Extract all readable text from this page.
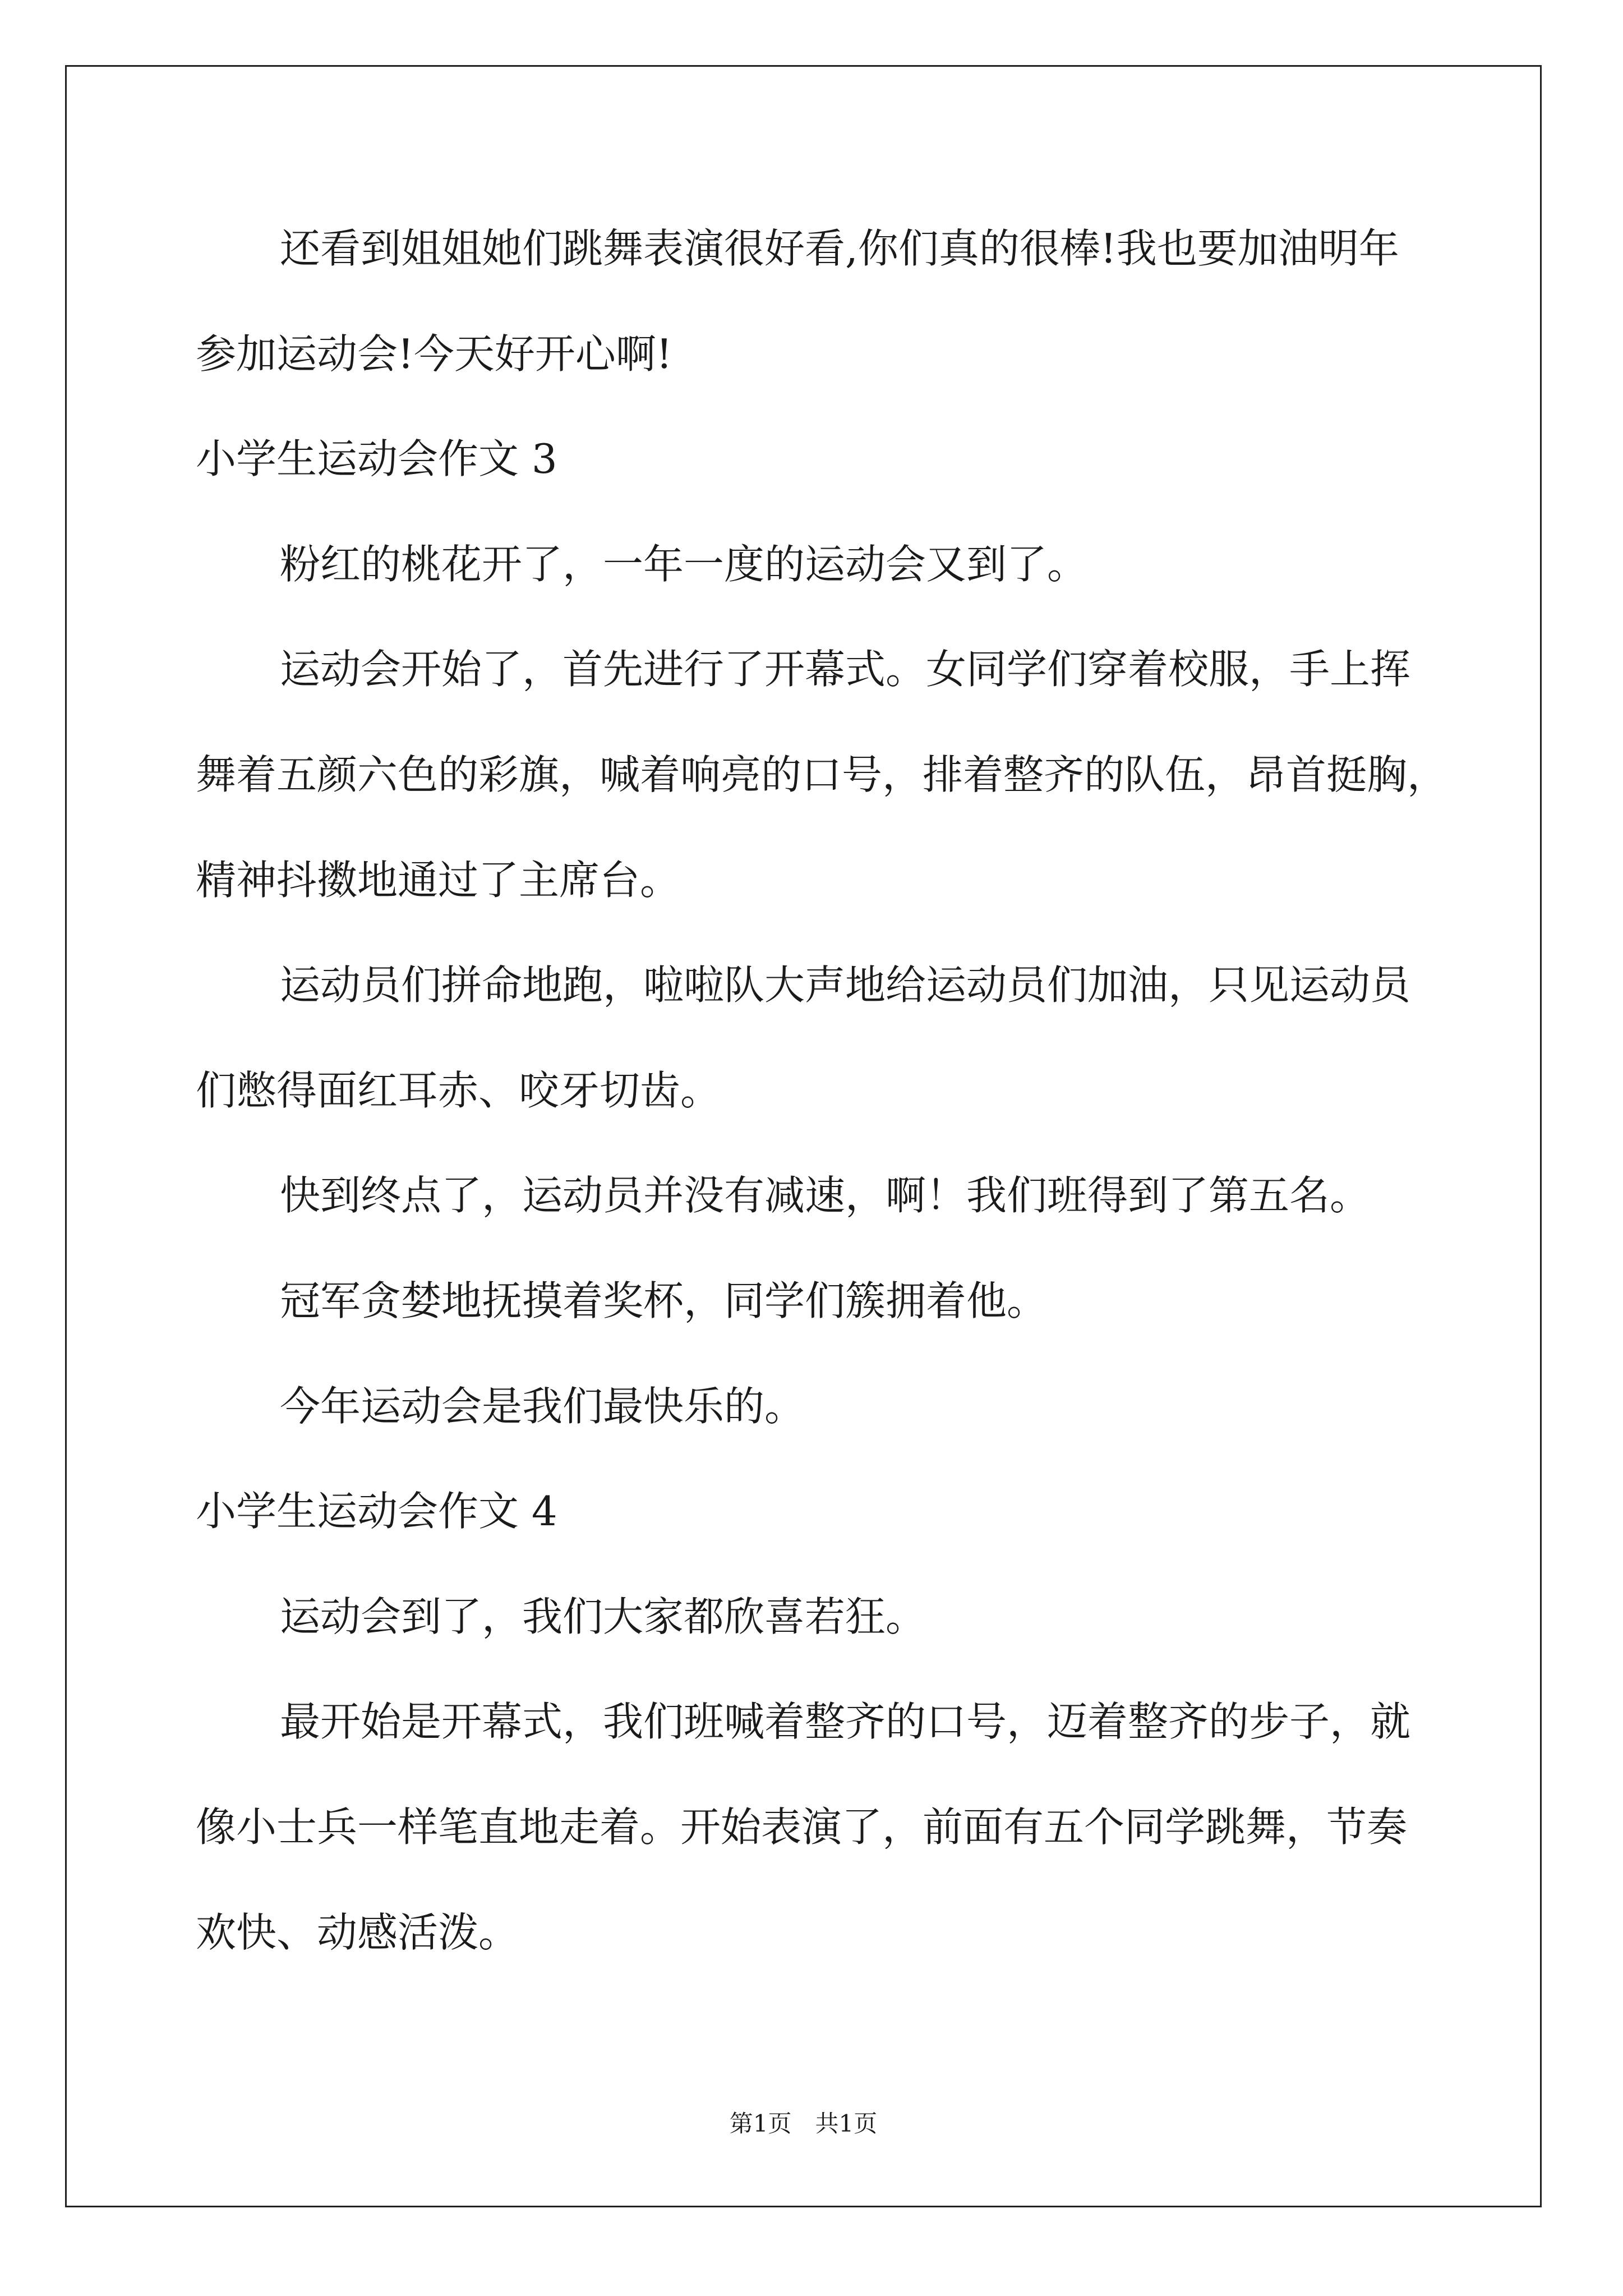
还看到姐姐她们跳舞表演很好看,你们真的很棒!我也要加油明年
参加运动会!今天好开心啊!
小学生运动会作文 3
粉红的桃花开了，一年一度的运动会又到了。
运动会开始了，首先进行了开幕式。女同学们穿着校服，手上挥
舞着五颜六色的彩旗，喊着响亮的口号，排着整齐的队伍，昂首挺胸，
精神抖擞地通过了主席台。
运动员们拼命地跑，啦啦队大声地给运动员们加油，只见运动员
们憋得面红耳赤、咬牙切齿。
快到终点了，运动员并没有减速，啊！我们班得到了第五名。
冠军贪婪地抚摸着奖杯，同学们簇拥着他。
今年运动会是我们最快乐的。
小学生运动会作文 4
运动会到了，我们大家都欣喜若狂。
最开始是开幕式，我们班喊着整齐的口号，迈着整齐的步子，就
像小士兵一样笔直地走着。开始表演了，前面有五个同学跳舞，节奏
欢快、动感活泼。
第1页　共1页
